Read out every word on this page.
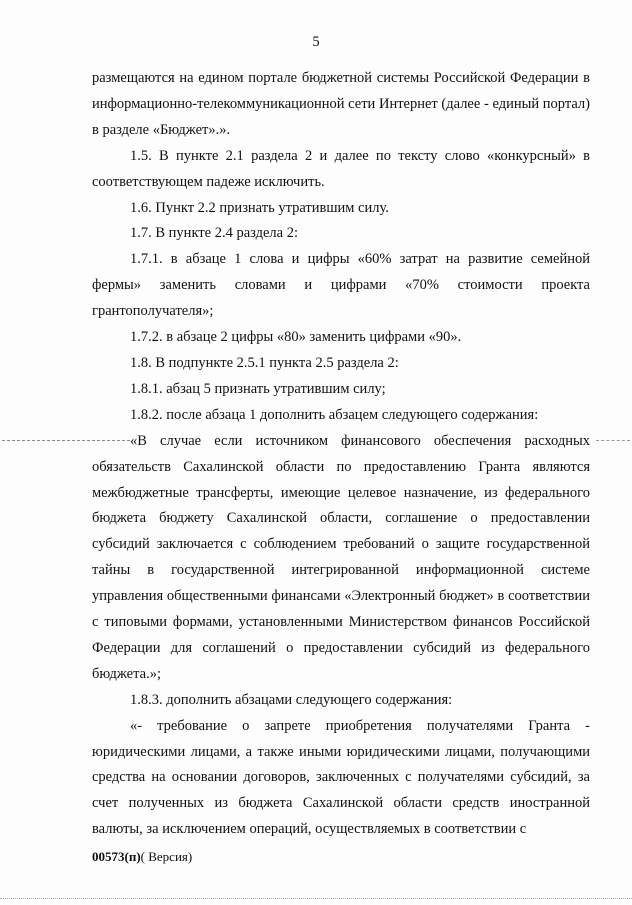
5

размещаются на едином портале бюджетной системы Российской Федерации в информационно-телекоммуникационной сети Интернет (далее - единый портал) в разделе «Бюджет».».

1.5. В пункте 2.1 раздела 2 и далее по тексту слово «конкурсный» в соответствующем падеже исключить.

1.6. Пункт 2.2 признать утратившим силу.

1.7. В пункте 2.4 раздела 2:

1.7.1. в абзаце 1 слова и цифры «60% затрат на развитие семейной фермы» заменить словами и цифрами «70% стоимости проекта грантополучателя»;

1.7.2. в абзаце 2 цифры «80» заменить цифрами «90».

1.8. В подпункте 2.5.1 пункта 2.5 раздела 2:

1.8.1. абзац 5 признать утратившим силу;

1.8.2. после абзаца 1 дополнить абзацем следующего содержания:

«В случае если источником финансового обеспечения расходных обязательств Сахалинской области по предоставлению Гранта являются межбюджетные трансферты, имеющие целевое назначение, из федерального бюджета бюджету Сахалинской области, соглашение о предоставлении субсидий заключается с соблюдением требований о защите государственной тайны в государственной интегрированной информационной системе управления общественными финансами «Электронный бюджет» в соответствии с типовыми формами, установленными Министерством финансов Российской Федерации для соглашений о предоставлении субсидий из федерального бюджета.»;

1.8.3. дополнить абзацами следующего содержания:

«- требование о запрете приобретения получателями Гранта - юридическими лицами, а также иными юридическими лицами, получающими средства на основании договоров, заключенных с получателями субсидий, за счет полученных из бюджета Сахалинской области средств иностранной валюты, за исключением операций, осуществляемых в соответствии с

00573(п)( Версия)
